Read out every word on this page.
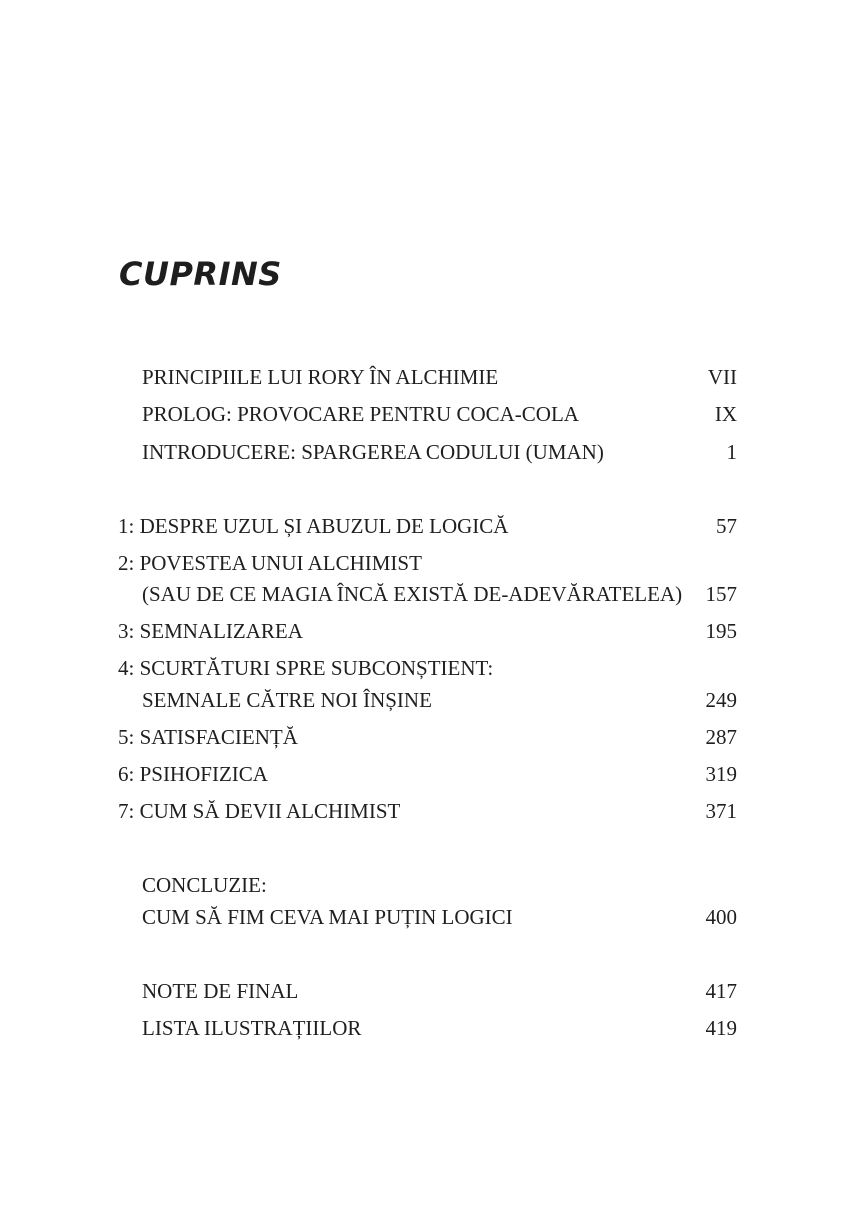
CUPRINS
PRINCIPIILE LUI RORY ÎN ALCHIMIE	VII
PROLOG: PROVOCARE PENTRU COCA-COLA	IX
INTRODUCERE: SPARGEREA CODULUI (UMAN)	1
1: DESPRE UZUL ȘI ABUZUL DE LOGICĂ	57
2: POVESTEA UNUI ALCHIMIST
(SAU DE CE MAGIA ÎNCĂ EXISTĂ DE-ADEVĂRATELEA) 157
3: SEMNALIZAREA	195
4: SCURTĂTURI SPRE SUBCONȘTIENT:
SEMNALE CĂTRE NOI ÎNȘINE	249
5: SATISFACIENȚĂ	287
6: PSIHOFIZICA	319
7: CUM SĂ DEVII ALCHIMIST	371
CONCLUZIE:
CUM SĂ FIM CEVA MAI PUȚIN LOGICI	400
NOTE DE FINAL	417
LISTA ILUSTRAȚIILOR	419
